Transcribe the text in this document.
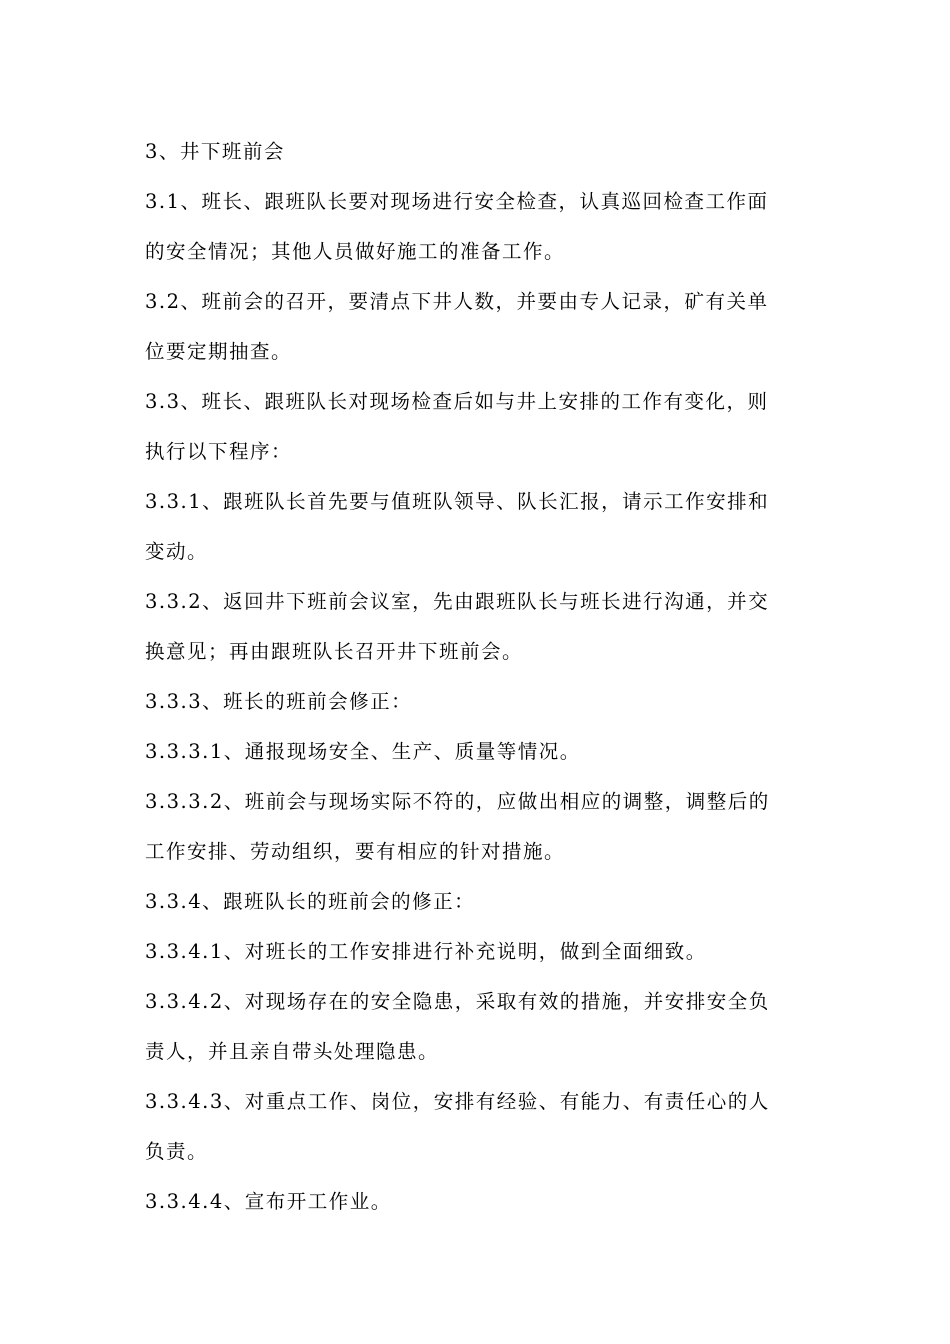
3、井下班前会
3.1、班长、跟班队长要对现场进行安全检查，认真巡回检查工作面
的安全情况；其他人员做好施工的准备工作。
3.2、班前会的召开，要清点下井人数，并要由专人记录，矿有关单
位要定期抽查。
3.3、班长、跟班队长对现场检查后如与井上安排的工作有变化，则
执行以下程序：
3.3.1、跟班队长首先要与值班队领导、队长汇报，请示工作安排和
变动。
3.3.2、返回井下班前会议室，先由跟班队长与班长进行沟通，并交
换意见；再由跟班队长召开井下班前会。
3.3.3、班长的班前会修正：
3.3.3.1、通报现场安全、生产、质量等情况。
3.3.3.2、班前会与现场实际不符的，应做出相应的调整，调整后的
工作安排、劳动组织，要有相应的针对措施。
3.3.4、跟班队长的班前会的修正：
3.3.4.1、对班长的工作安排进行补充说明，做到全面细致。
3.3.4.2、对现场存在的安全隐患，采取有效的措施，并安排安全负
责人，并且亲自带头处理隐患。
3.3.4.3、对重点工作、岗位，安排有经验、有能力、有责任心的人
负责。
3.3.4.4、宣布开工作业。
